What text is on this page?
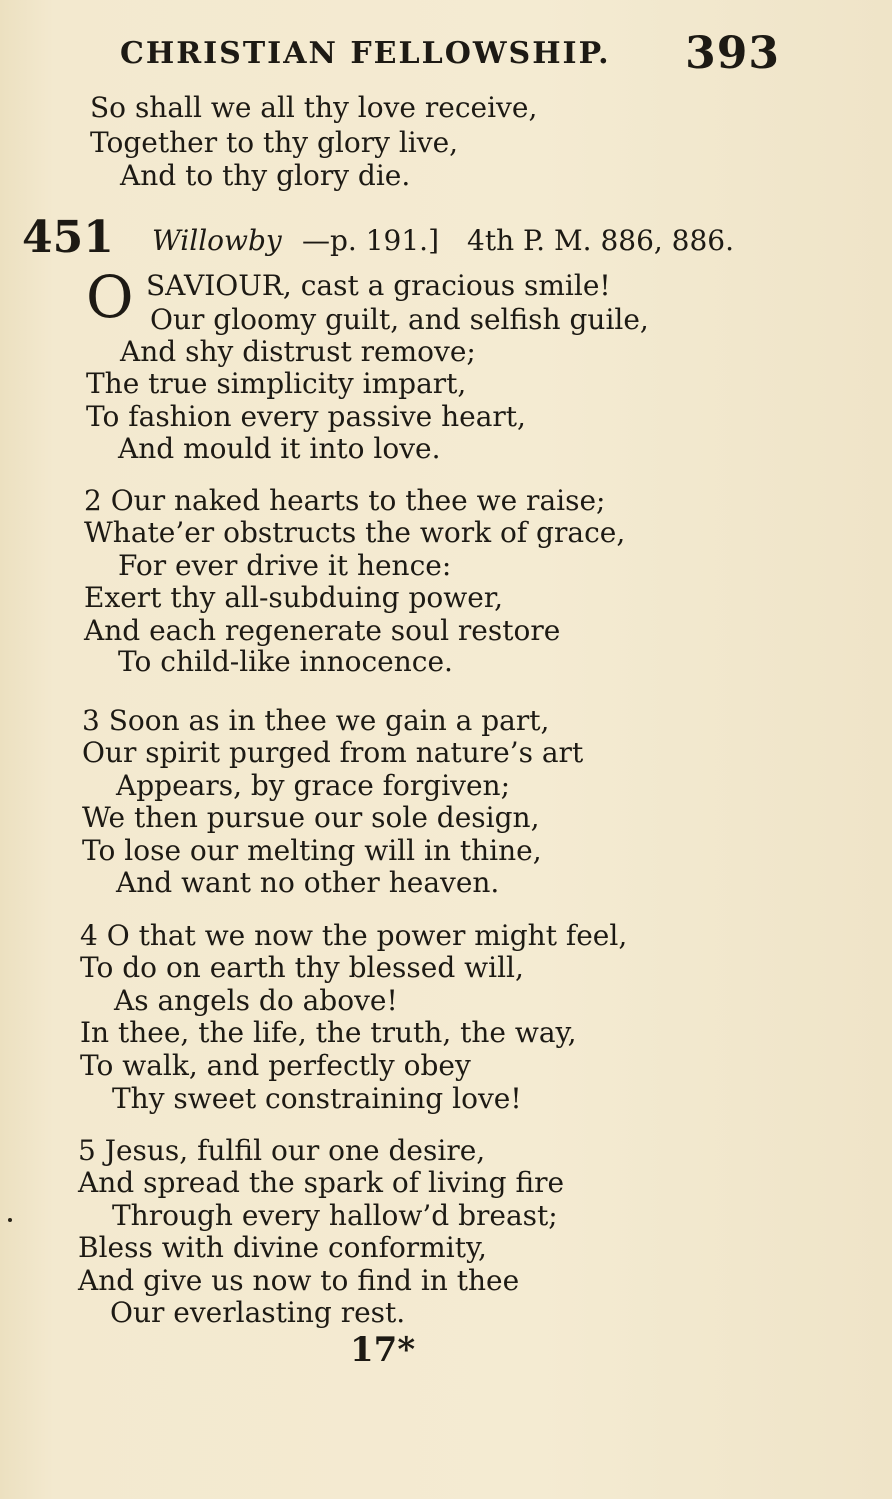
CHRISTIAN FELLOWSHIP. 393
So shall we all thy love receive,
Together to thy glory live,
And to thy glory die.
451 Willowby —p. 191.] 4th P. M. 886, 886.
O SAVIOUR, cast a gracious smile!
Our gloomy guilt, and selfish guile,
And shy distrust remove;
The true simplicity impart,
To fashion every passive heart,
And mould it into love.
2 Our naked hearts to thee we raise;
Whate’er obstructs the work of grace,
For ever drive it hence:
Exert thy all-subduing power,
And each regenerate soul restore
To child-like innocence.
3 Soon as in thee we gain a part,
Our spirit purged from nature’s art
Appears, by grace forgiven;
We then pursue our sole design,
To lose our melting will in thine,
And want no other heaven.
4 O that we now the power might feel,
To do on earth thy blessed will,
As angels do above!
In thee, the life, the truth, the way,
To walk, and perfectly obey
Thy sweet constraining love!
5 Jesus, fulfil our one desire,
And spread the spark of living fire
Through every hallow’d breast;
Bless with divine conformity,
And give us now to find in thee
Our everlasting rest.
17*
